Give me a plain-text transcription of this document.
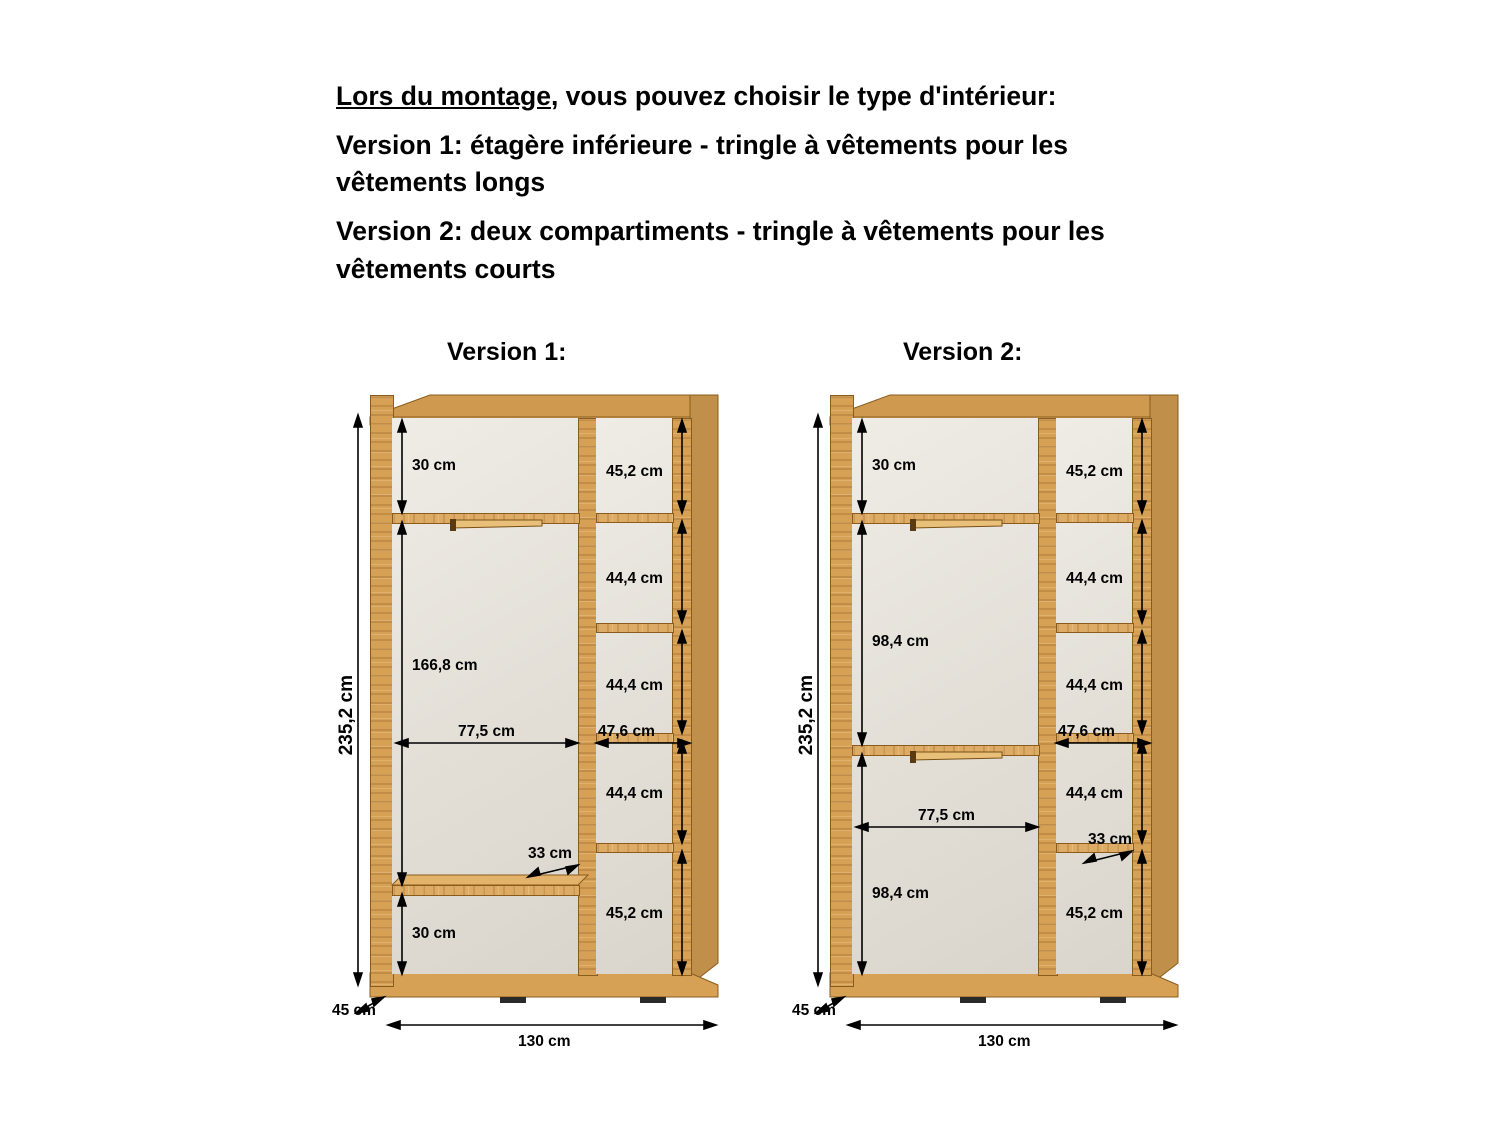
Lors du montage, vous pouvez choisir le type d'intérieur:

Version 1: étagère inférieure - tringle à vêtements pour les vêtements longs

Version 2: deux compartiments - tringle à vêtements pour les vêtements courts

Version 1:	Version 2:
235,2 cm
30 cm
166,8 cm
30 cm
77,5 cm	47,6 cm
45,2 cm
44,4 cm
44,4 cm
44,4 cm
45,2 cm
33 cm
45 cm
130 cm
235,2 cm
30 cm
98,4 cm
98,4 cm
77,5 cm
47,6 cm
45,2 cm
44,4 cm
44,4 cm
44,4 cm
45,2 cm
33 cm
45 cm
130 cm
